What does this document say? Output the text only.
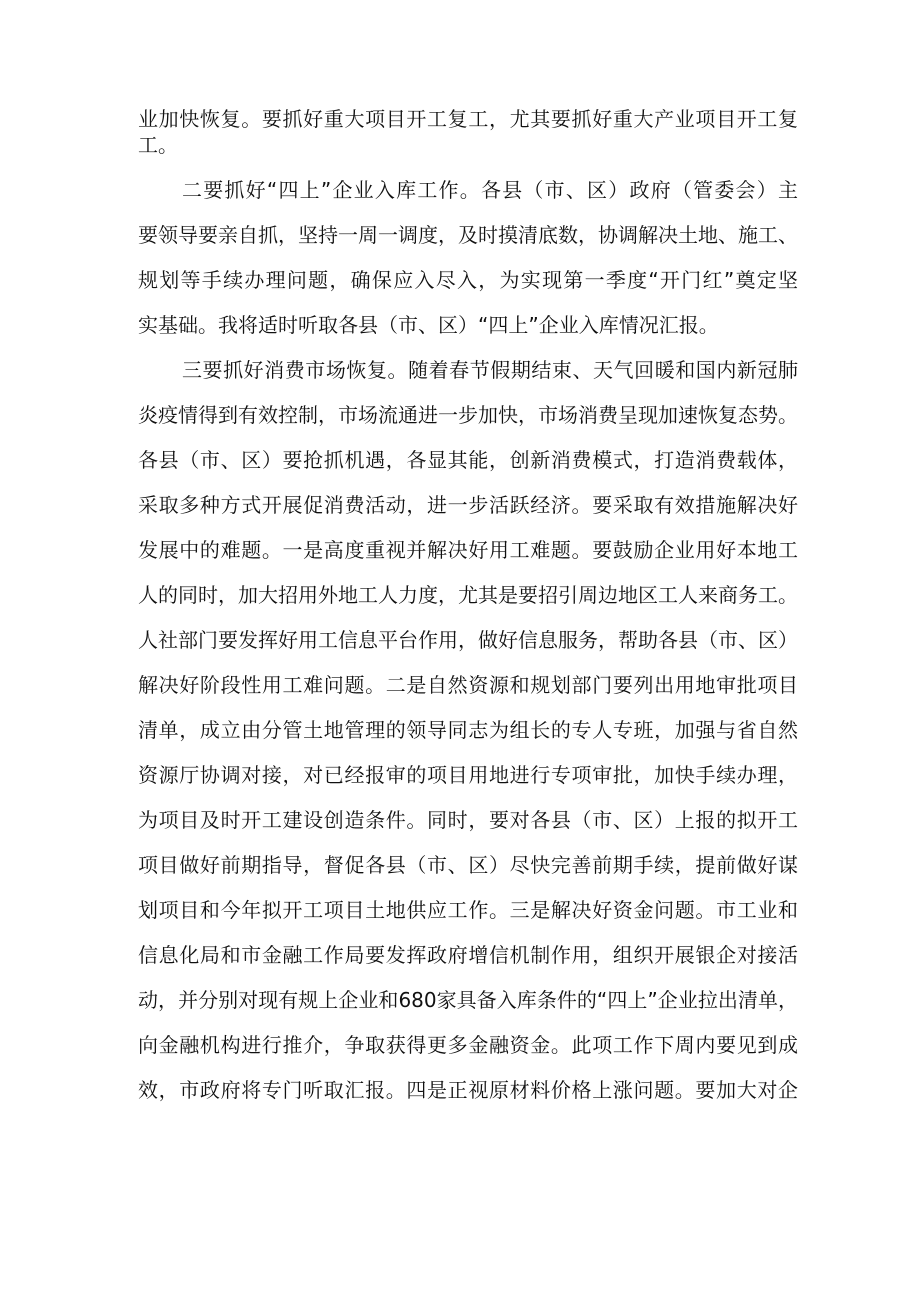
业加快恢复。要抓好重大项目开工复工，尤其要抓好重大产业项目开工复
工。
二要抓好“四上”企业入库工作。各县（市、区）政府（管委会）主
要领导要亲自抓，坚持一周一调度，及时摸清底数，协调解决土地、施工、
规划等手续办理问题，确保应入尽入，为实现第一季度“开门红”奠定坚
实基础。我将适时听取各县（市、区）“四上”企业入库情况汇报。
三要抓好消费市场恢复。随着春节假期结束、天气回暖和国内新冠肺
炎疫情得到有效控制，市场流通进一步加快，市场消费呈现加速恢复态势。
各县（市、区）要抢抓机遇，各显其能，创新消费模式，打造消费载体，
采取多种方式开展促消费活动，进一步活跃经济。要采取有效措施解决好
发展中的难题。一是高度重视并解决好用工难题。要鼓励企业用好本地工
人的同时，加大招用外地工人力度，尤其是要招引周边地区工人来商务工。
人社部门要发挥好用工信息平台作用，做好信息服务，帮助各县（市、区）
解决好阶段性用工难问题。二是自然资源和规划部门要列出用地审批项目
清单，成立由分管土地管理的领导同志为组长的专人专班，加强与省自然
资源厅协调对接，对已经报审的项目用地进行专项审批，加快手续办理，
为项目及时开工建设创造条件。同时，要对各县（市、区）上报的拟开工
项目做好前期指导，督促各县（市、区）尽快完善前期手续，提前做好谋
划项目和今年拟开工项目土地供应工作。三是解决好资金问题。市工业和
信息化局和市金融工作局要发挥政府增信机制作用，组织开展银企对接活
动，并分别对现有规上企业和680家具备入库条件的“四上”企业拉出清单，
向金融机构进行推介，争取获得更多金融资金。此项工作下周内要见到成
效，市政府将专门听取汇报。四是正视原材料价格上涨问题。要加大对企
